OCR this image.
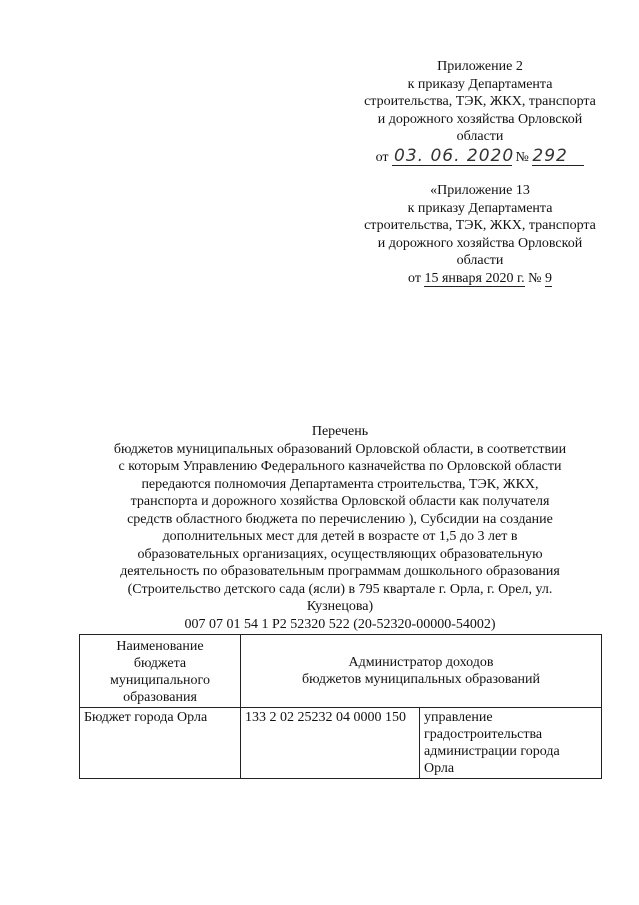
Приложение 2
к приказу Департамента
строительства, ТЭК, ЖКХ, транспорта
и дорожного хозяйства Орловской
области
от 03. 06. 2020 № 292
«Приложение 13
к приказу Департамента
строительства, ТЭК, ЖКХ, транспорта
и дорожного хозяйства Орловской
области
от 15 января 2020 г. № 9
Перечень
бюджетов муниципальных образований Орловской области, в соответствии
с которым Управлению Федерального казначейства по Орловской области
передаются полномочия Департамента строительства, ТЭК, ЖКХ,
транспорта и дорожного хозяйства Орловской области как получателя
средств областного бюджета по перечислению ), Субсидии на создание
дополнительных мест для детей в возрасте от 1,5 до 3 лет в
образовательных организациях, осуществляющих образовательную
деятельность по образовательным программам дошкольного образования
(Строительство детского сада (ясли) в 795 квартале г. Орла, г. Орел, ул.
Кузнецова)
007 07 01 54 1 P2 52320 522 (20-52320-00000-54002)
Наименование
бюджета
муниципального
образования	Администратор доходов
бюджетов муниципальных образований	

Бюджет города Орла	133 2 02 25232 04 0000 150	управление
градостроительства
администрации города
Орла
